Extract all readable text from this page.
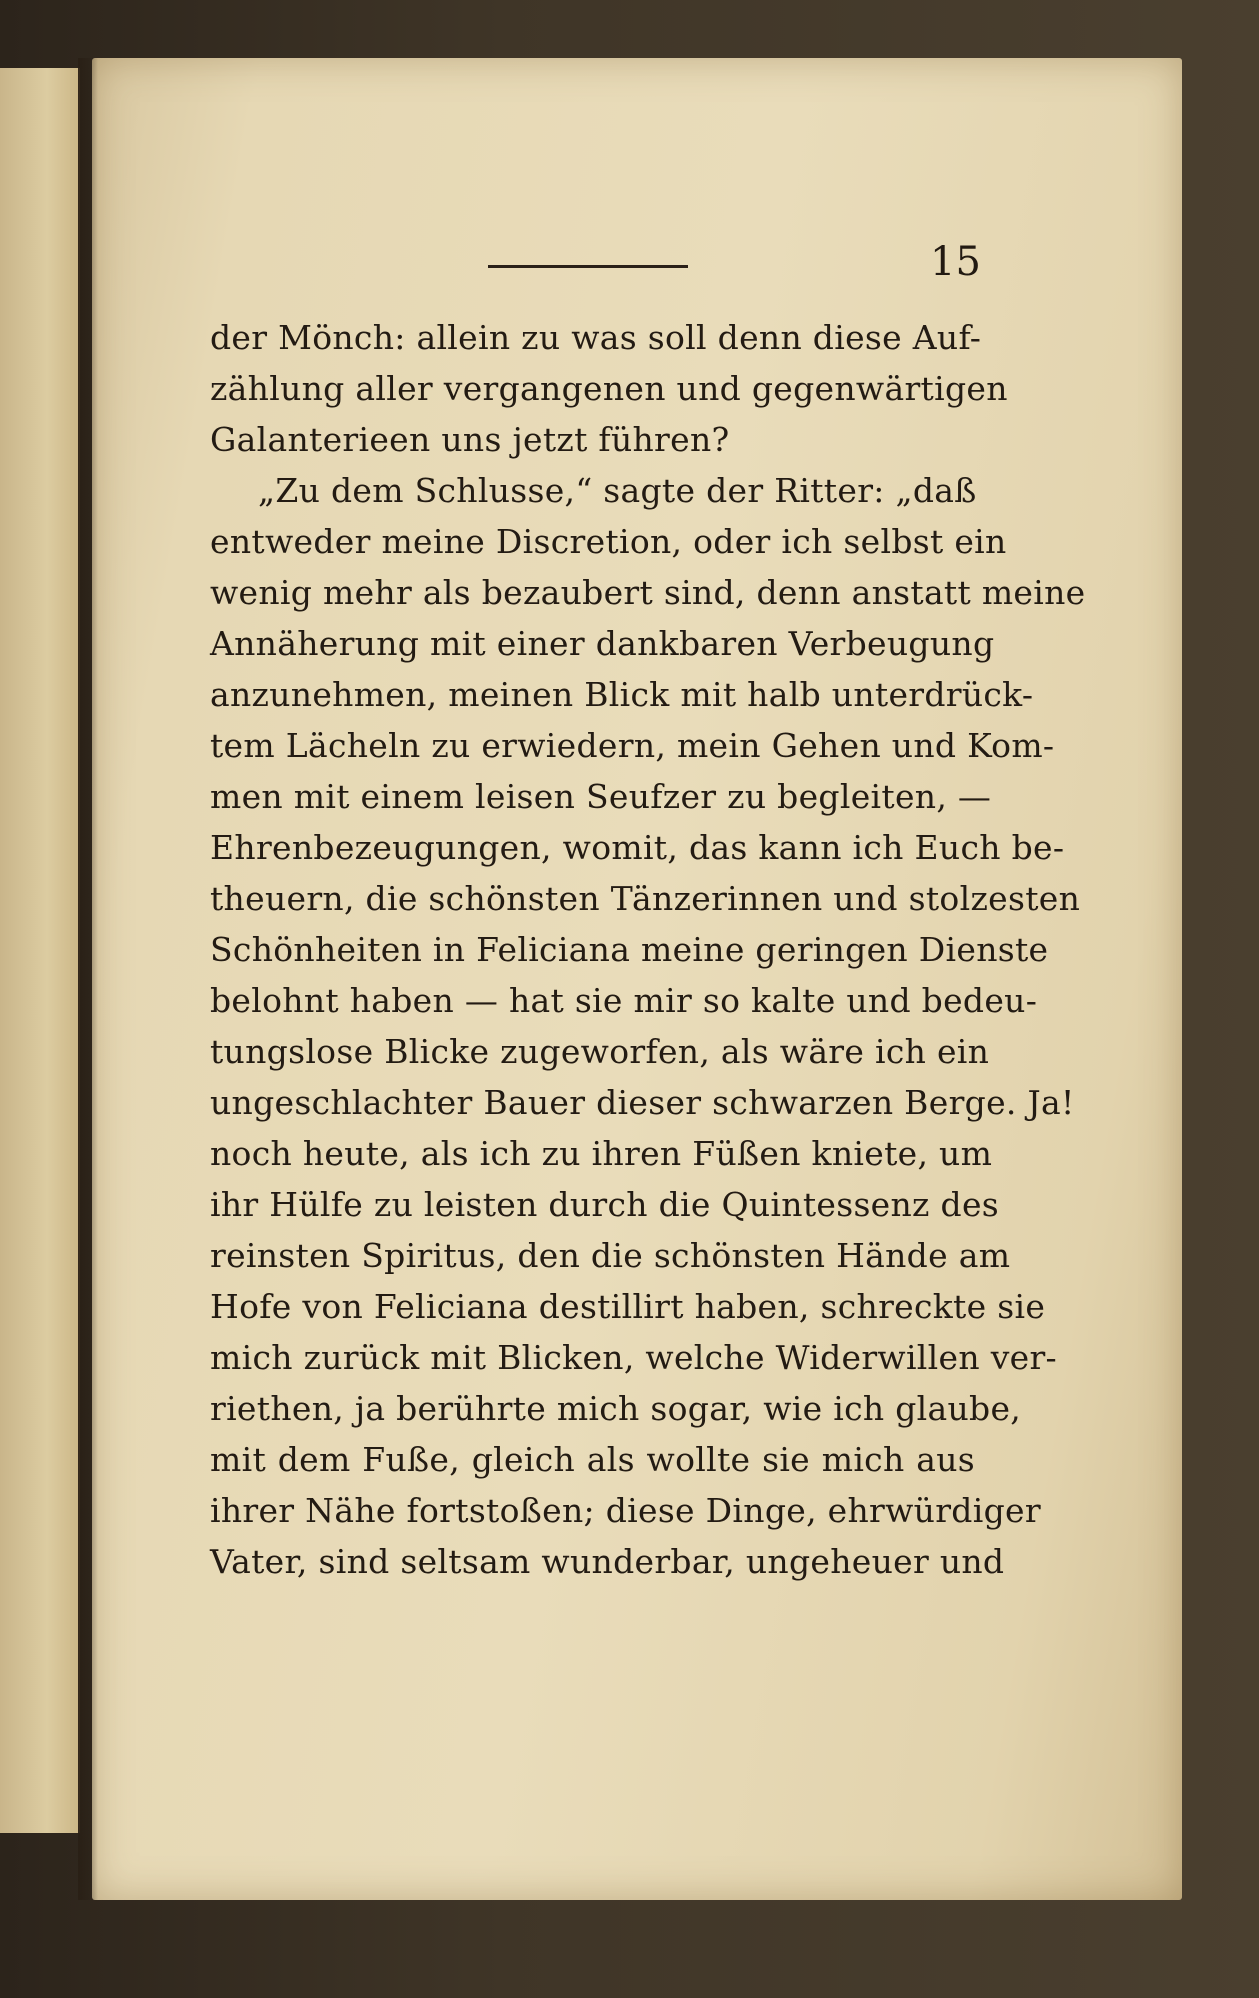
15
der Mönch: allein zu was soll denn diese Auf-
zählung aller vergangenen und gegenwärtigen
Galanterieen uns jetzt führen?
„Zu dem Schlusse,“ sagte der Ritter: „daß
entweder meine Discretion, oder ich selbst ein
wenig mehr als bezaubert sind, denn anstatt meine
Annäherung mit einer dankbaren Verbeugung
anzunehmen, meinen Blick mit halb unterdrück-
tem Lächeln zu erwiedern, mein Gehen und Kom-
men mit einem leisen Seufzer zu begleiten, —
Ehrenbezeugungen, womit, das kann ich Euch be-
theuern, die schönsten Tänzerinnen und stolzesten
Schönheiten in Feliciana meine geringen Dienste
belohnt haben — hat sie mir so kalte und bedeu-
tungslose Blicke zugeworfen, als wäre ich ein
ungeschlachter Bauer dieser schwarzen Berge. Ja!
noch heute, als ich zu ihren Füßen kniete, um
ihr Hülfe zu leisten durch die Quintessenz des
reinsten Spiritus, den die schönsten Hände am
Hofe von Feliciana destillirt haben, schreckte sie
mich zurück mit Blicken, welche Widerwillen ver-
riethen, ja berührte mich sogar, wie ich glaube,
mit dem Fuße, gleich als wollte sie mich aus
ihrer Nähe fortstoßen; diese Dinge, ehrwürdiger
Vater, sind seltsam wunderbar, ungeheuer und
